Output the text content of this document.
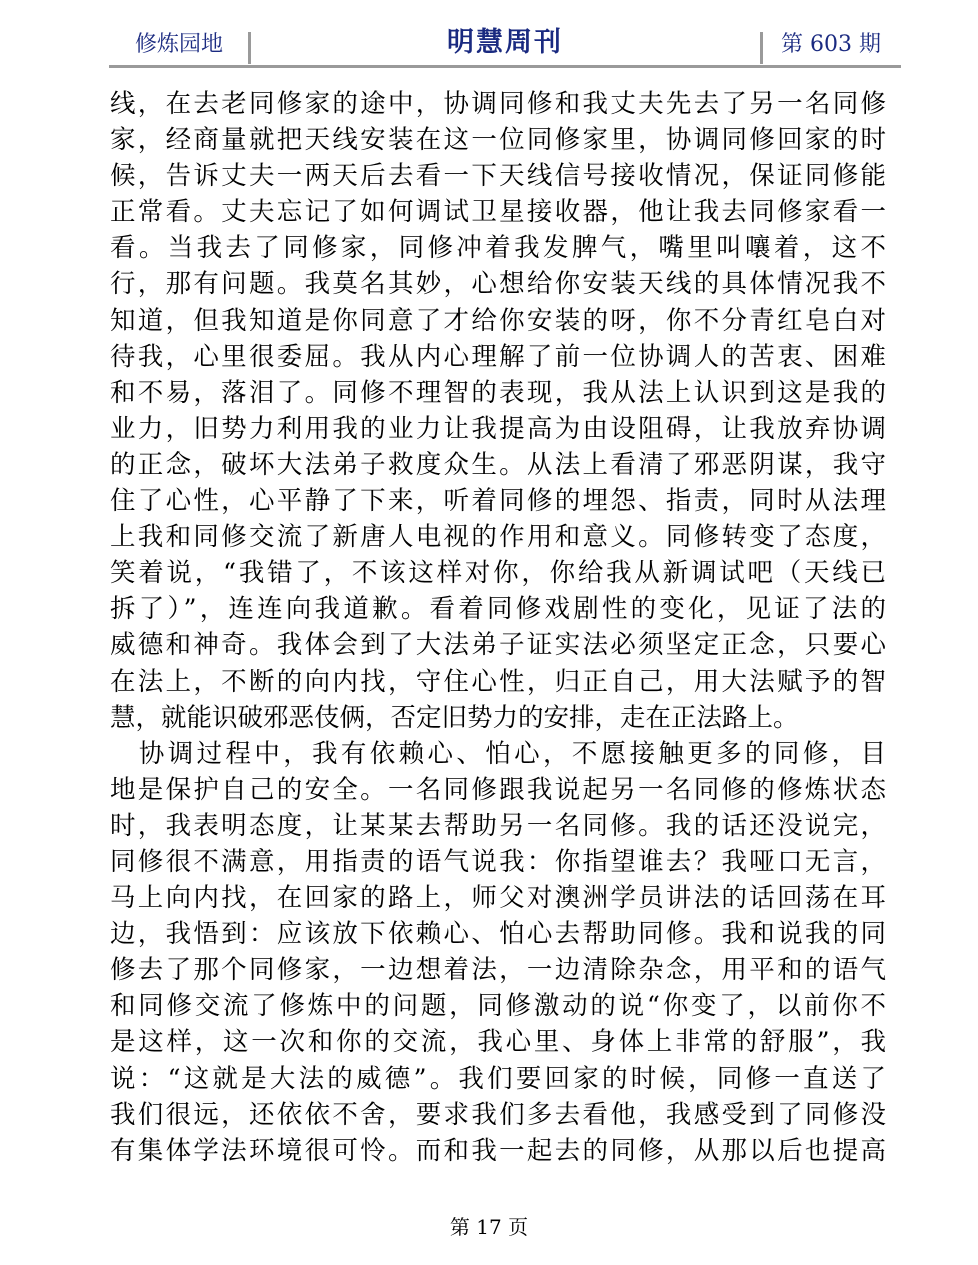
修炼园地	明慧周刊	第 603 期
线，在去老同修家的途中，协调同修和我丈夫先去了另一名同修
家，经商量就把天线安装在这一位同修家里，协调同修回家的时
候，告诉丈夫一两天后去看一下天线信号接收情况，保证同修能
正常看。丈夫忘记了如何调试卫星接收器，他让我去同修家看一
看。当我去了同修家，同修冲着我发脾气，嘴里叫嚷着，这不
行，那有问题。我莫名其妙，心想给你安装天线的具体情况我不
知道，但我知道是你同意了才给你安装的呀，你不分青红皂白对
待我，心里很委屈。我从内心理解了前一位协调人的苦衷、困难
和不易，落泪了。同修不理智的表现，我从法上认识到这是我的
业力，旧势力利用我的业力让我提高为由设阻碍，让我放弃协调
的正念，破坏大法弟子救度众生。从法上看清了邪恶阴谋，我守
住了心性，心平静了下来，听着同修的埋怨、指责，同时从法理
上我和同修交流了新唐人电视的作用和意义。同修转变了态度，
笑着说，“我错了，不该这样对你，你给我从新调试吧（天线已
拆了）”，连连向我道歉。看着同修戏剧性的变化，见证了法的
威德和神奇。我体会到了大法弟子证实法必须坚定正念，只要心
在法上，不断的向内找，守住心性，归正自己，用大法赋予的智
慧，就能识破邪恶伎俩，否定旧势力的安排，走在正法路上。
　协调过程中，我有依赖心、怕心，不愿接触更多的同修，目
地是保护自己的安全。一名同修跟我说起另一名同修的修炼状态
时，我表明态度，让某某去帮助另一名同修。我的话还没说完，
同修很不满意，用指责的语气说我：你指望谁去？我哑口无言，
马上向内找，在回家的路上，师父对澳洲学员讲法的话回荡在耳
边，我悟到：应该放下依赖心、怕心去帮助同修。我和说我的同
修去了那个同修家，一边想着法，一边清除杂念，用平和的语气
和同修交流了修炼中的问题，同修激动的说“你变了，以前你不
是这样，这一次和你的交流，我心里、身体上非常的舒服”，我
说：“这就是大法的威德”。我们要回家的时候，同修一直送了
我们很远，还依依不舍，要求我们多去看他，我感受到了同修没
有集体学法环境很可怜。而和我一起去的同修，从那以后也提高
第 17 页
